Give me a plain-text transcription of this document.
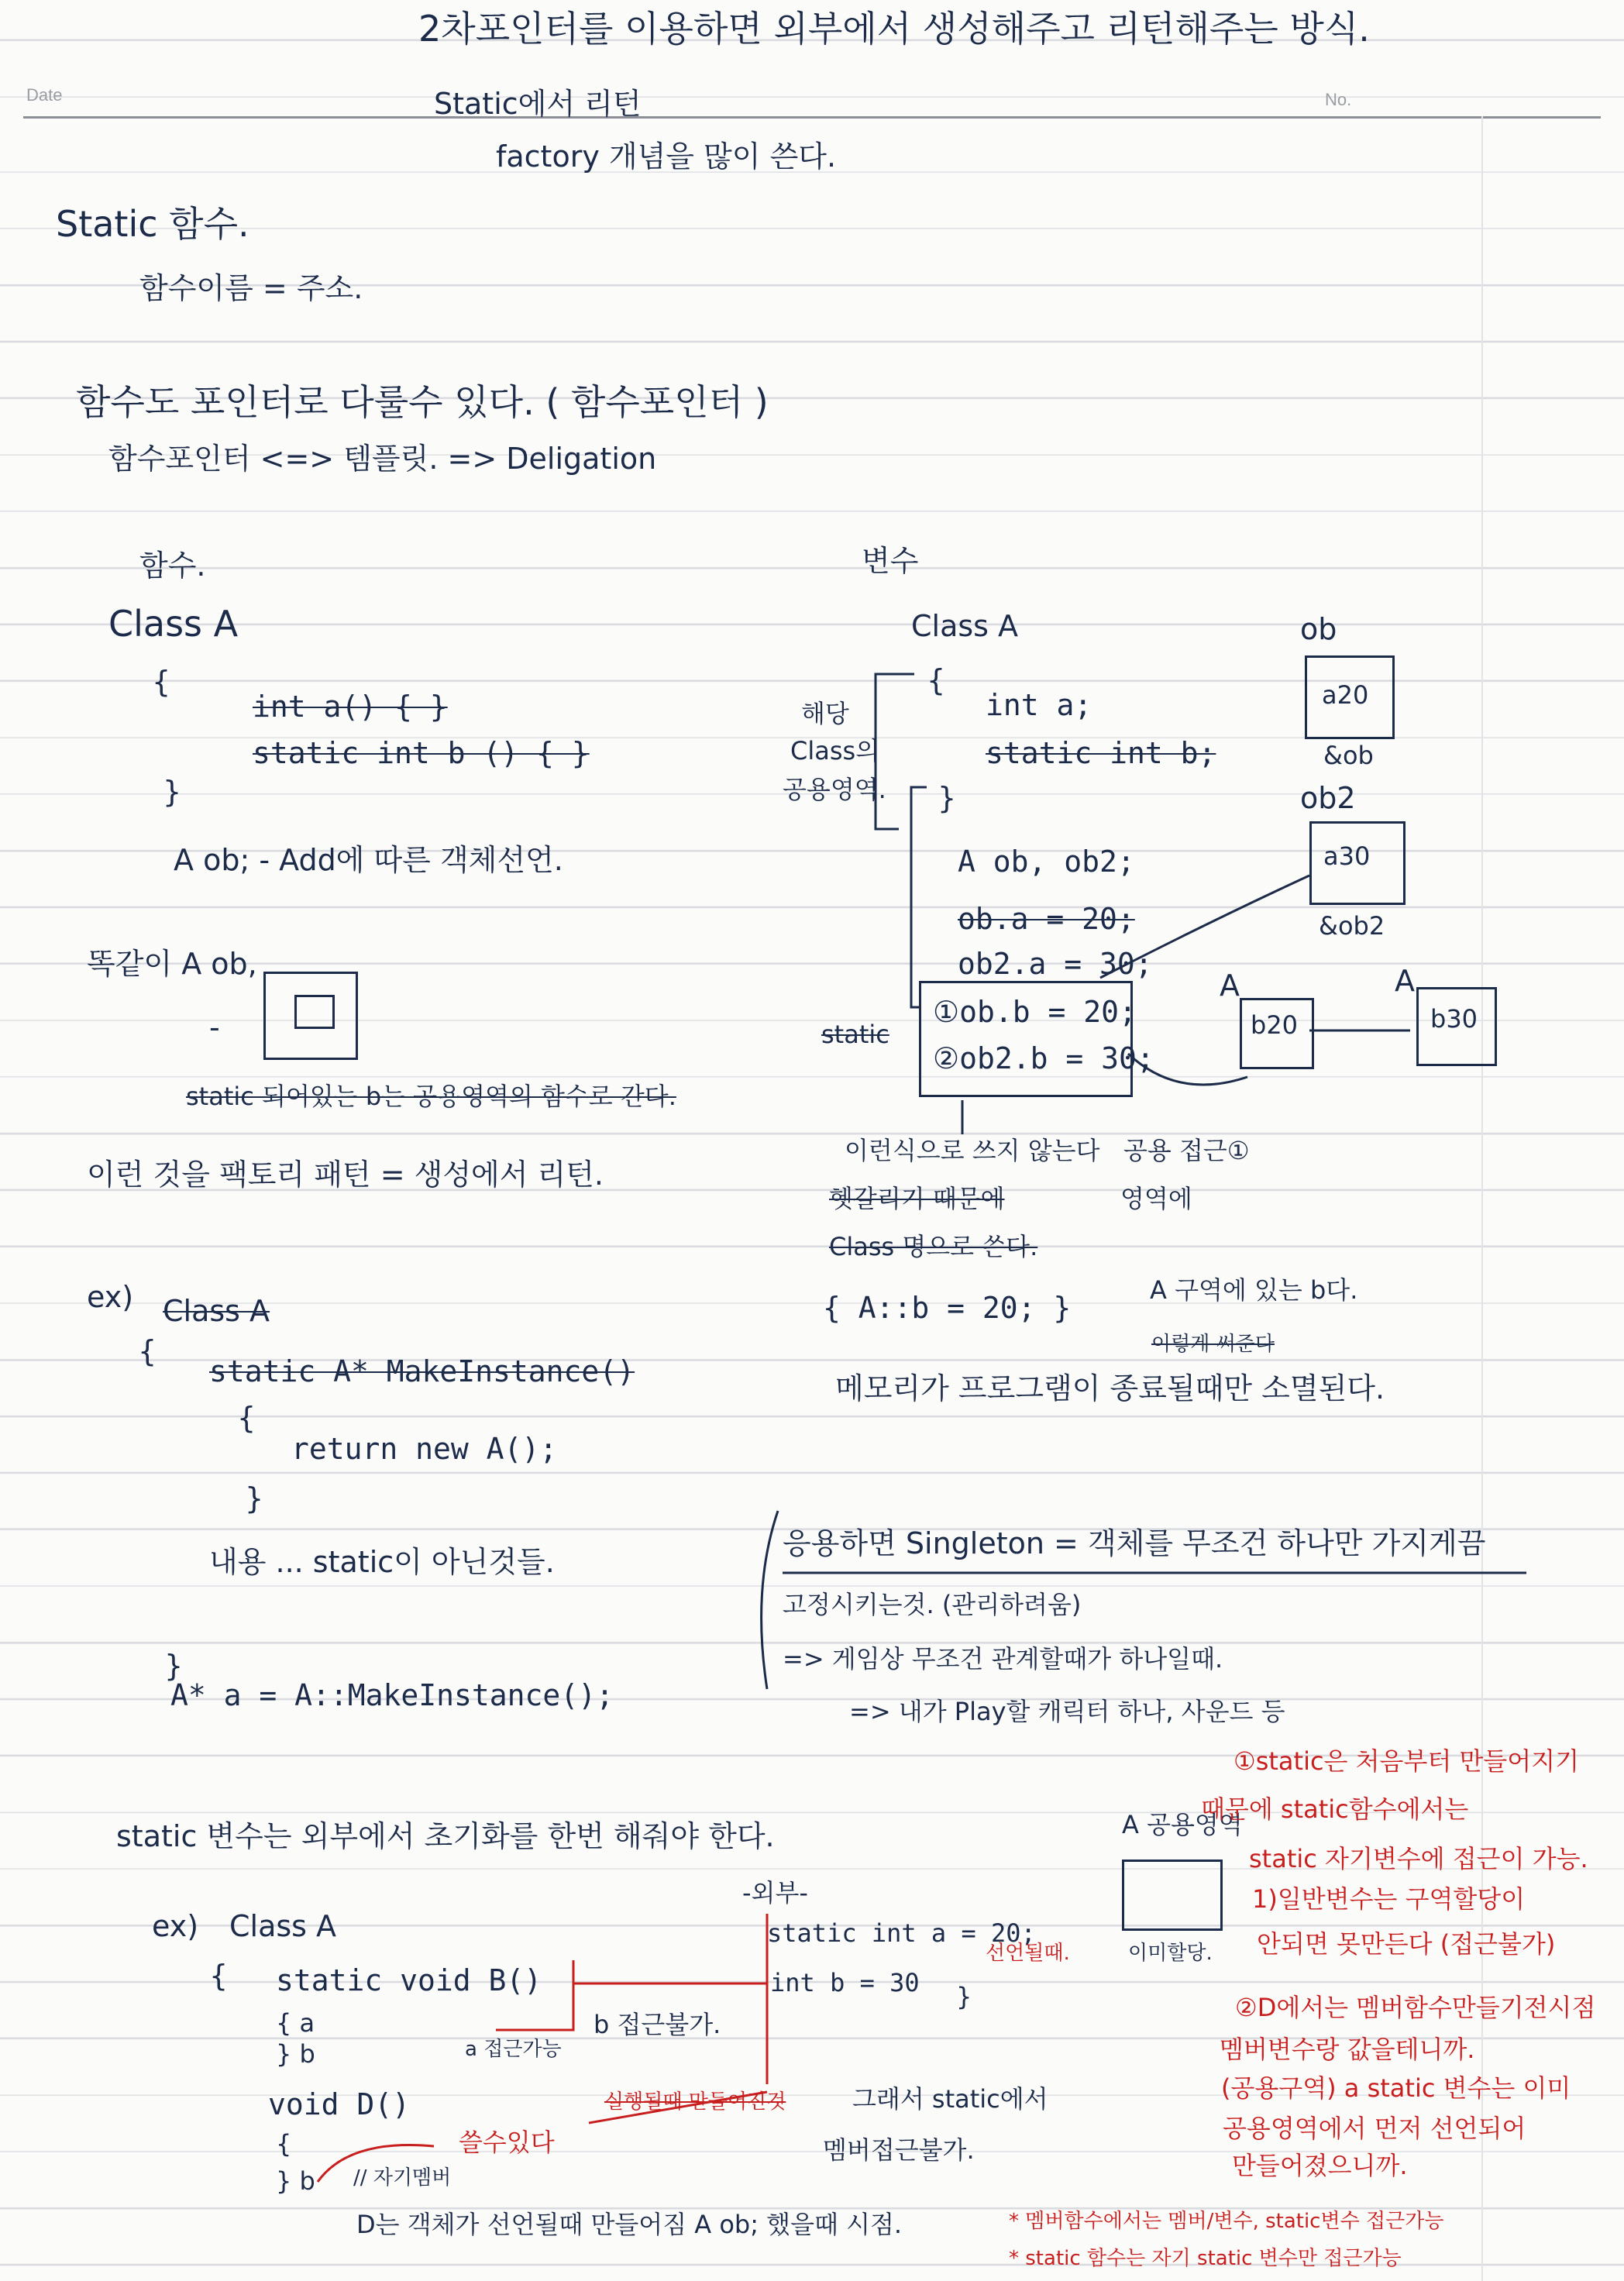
2차포인터를 이용하면 외부에서 생성해주고 리턴해주는 방식.
Date	No.
Static에서 리턴
factory 개념을 많이 쓴다.
Static 함수.
함수이름 = 주소.
함수도 포인터로 다룰수 있다. ( 함수포인터 )
함수포인터 <=> 템플릿. => Deligation
함수.
Class A
{
int a() { }
static int b () { }
}
A ob; - Add에 따른 객체선언.
똑같이 A ob,
-
static 되어있는 b는 공용영역의 함수로 간다.
이런 것을 팩토리 패턴 = 생성에서 리턴.
변수
Class A
{
int a;
static int b;
}
해당
Class의
공용영역.
A ob, ob2;
ob.a = 20;
ob2.a = 30;
static
①ob.b = 20;
②ob2.b = 30;
ob
a20
&ob
ob2
a30
&ob2
A
b20
A
b30
이런식으로 쓰지 않는다
헷갈리기 때문에
Class 명으로 쓴다.
공용 접근①
영역에
{ A::b = 20; }
A 구역에 있는 b다.
이렇게 써준다
메모리가 프로그램이 종료될때만 소멸된다.
ex) Class A
{
static A* MakeInstance()
{
return new A();
}
내용 ... static이 아닌것들.
}
A* a = A::MakeInstance();
응용하면 Singleton = 객체를 무조건 하나만 가지게끔
고정시키는것. (관리하려움)
=> 게임상 무조건 관계할때가 하나일때.
=> 내가 Play할 캐릭터 하나, 사운드 등
static 변수는 외부에서 초기화를 한번 해줘야 한다.
ex) Class A
{ static void B()
{ a
} b	a 접근가능
b 접근불가.
void D()
{
} b
쓸수있다
// 자기멤버
D는 객체가 선언될때 만들어짐 A ob; 했을때 시점.
-외부-
static int a = 20;
int b = 30
선언될때.
}
실행될때 만들어진것	그래서 static에서
멤버접근불가.
A 공용영역
이미할당.
①static은 처음부터 만들어지기
때문에 static함수에서는
static 자기변수에 접근이 가능.
1)일반변수는 구역할당이
안되면 못만든다 (접근불가)
②D에서는 멤버함수만들기전시점
멤버변수랑 값을테니까.
(공용구역) a static 변수는 이미
공용영역에서 먼저 선언되어
만들어졌으니까.
* 멤버함수에서는 멤버/변수, static변수 접근가능
* static 함수는 자기 static 변수만 접근가능
